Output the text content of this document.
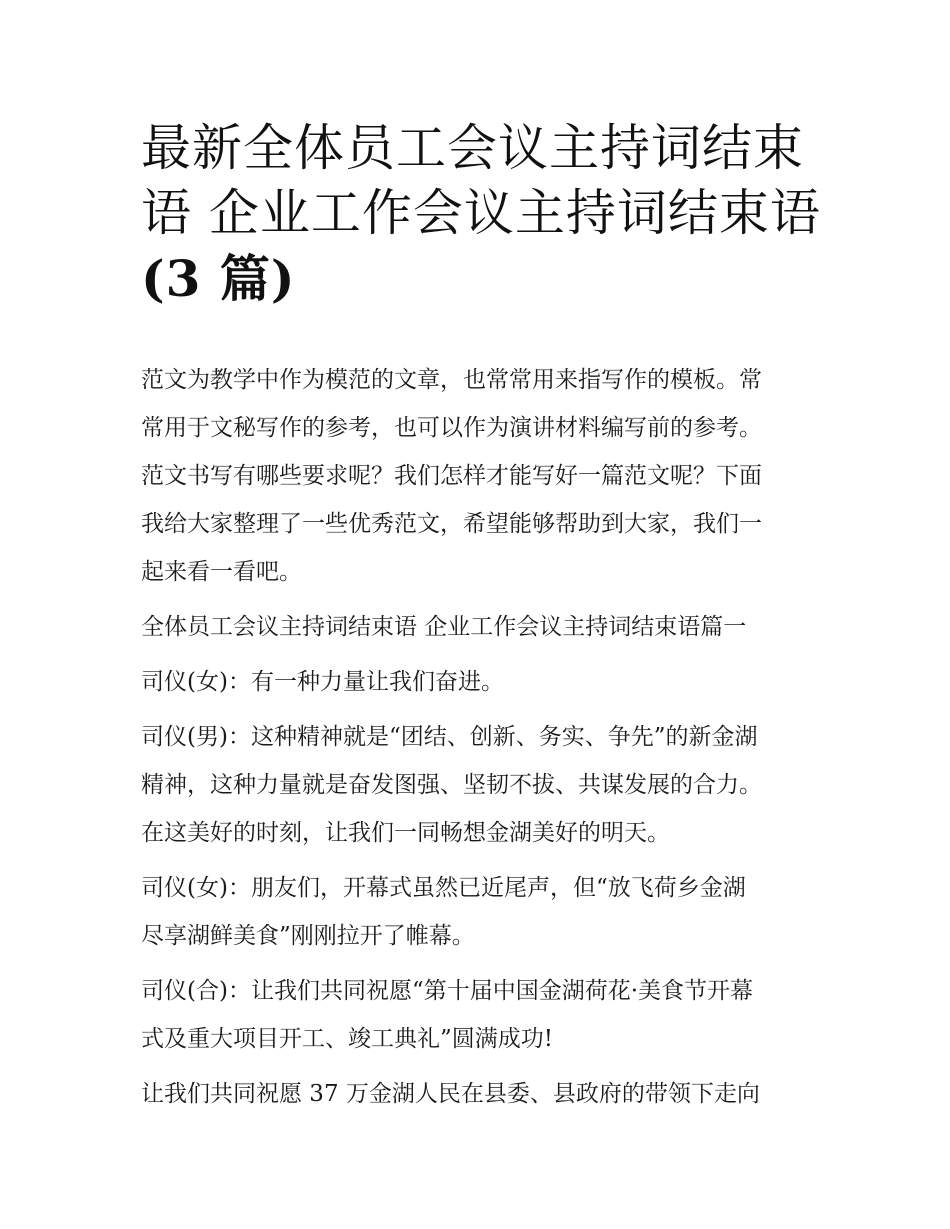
最新全体员工会议主持词结束
语 企业工作会议主持词结束语
(3 篇)
范文为教学中作为模范的文章，也常常用来指写作的模板。常
常用于文秘写作的参考，也可以作为演讲材料编写前的参考。
范文书写有哪些要求呢？我们怎样才能写好一篇范文呢？下面
我给大家整理了一些优秀范文，希望能够帮助到大家，我们一
起来看一看吧。
全体员工会议主持词结束语 企业工作会议主持词结束语篇一
司仪(女)：有一种力量让我们奋进。
司仪(男)：这种精神就是“团结、创新、务实、争先”的新金湖
精神，这种力量就是奋发图强、坚韧不拔、共谋发展的合力。
在这美好的时刻，让我们一同畅想金湖美好的明天。
司仪(女)：朋友们，开幕式虽然已近尾声，但“放飞荷乡金湖
尽享湖鲜美食”刚刚拉开了帷幕。
司仪(合)：让我们共同祝愿“第十届中国金湖荷花·美食节开幕
式及重大项目开工、竣工典礼”圆满成功!
让我们共同祝愿 37 万金湖人民在县委、县政府的带领下走向
